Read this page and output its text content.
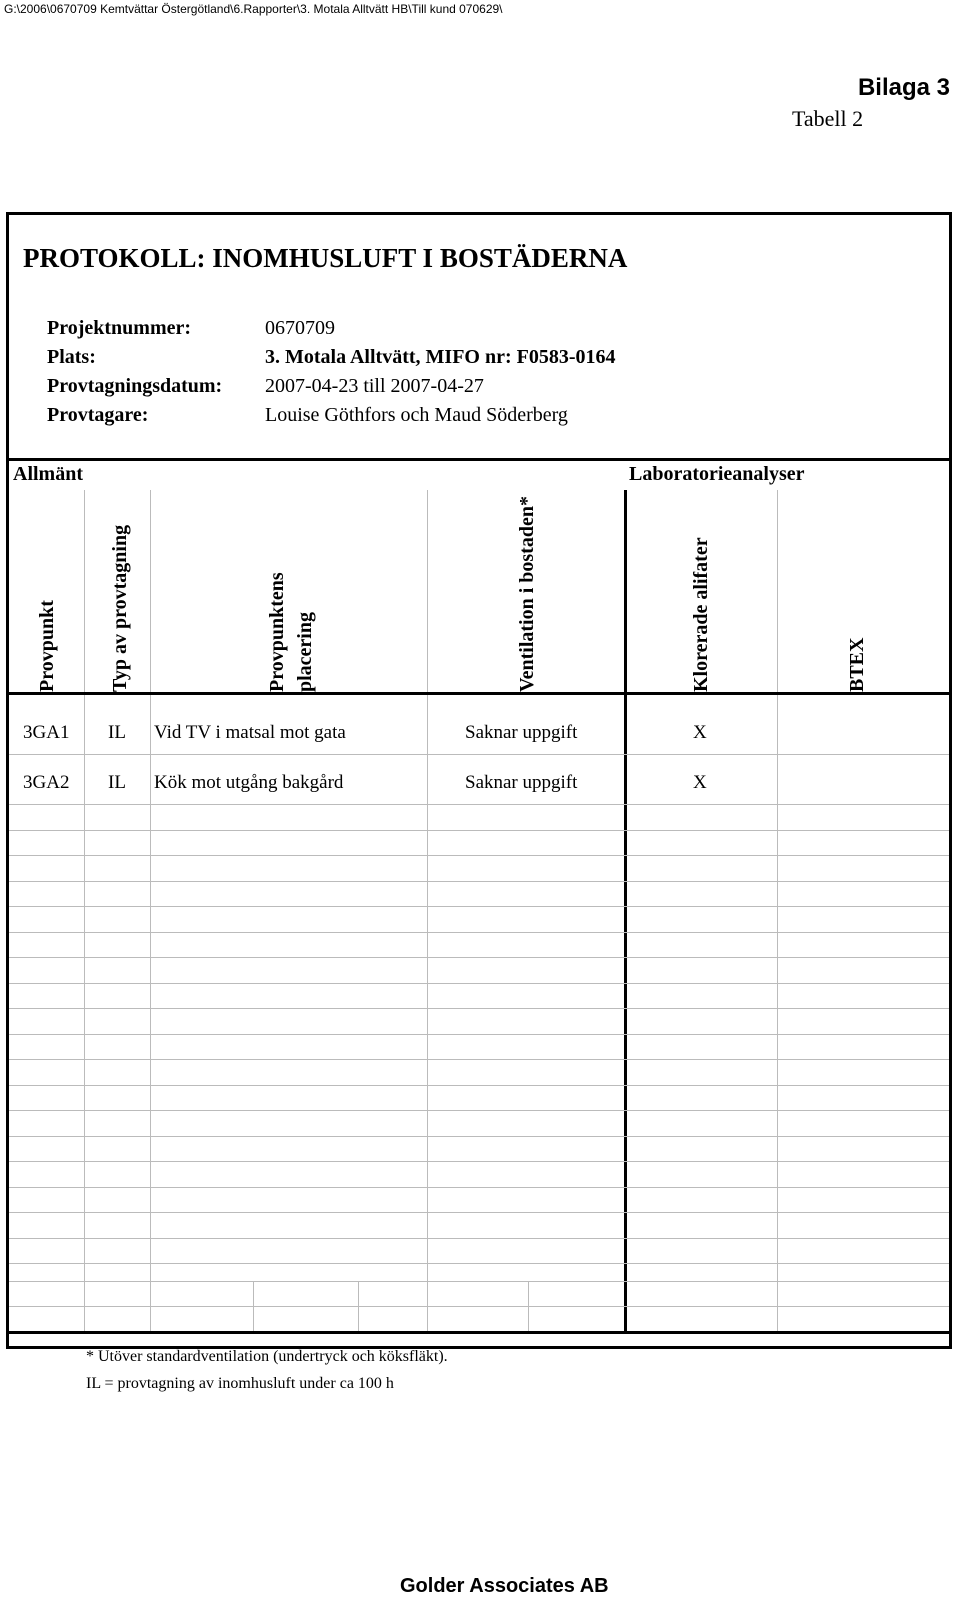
G:\2006\0670709 Kemtvättar Östergötland\6.Rapporter\3. Motala Alltvätt HB\Till kund 070629\
Bilaga 3
Tabell 2
PROTOKOLL: INOMHUSLUFT I BOSTÄDERNA
Projektnummer:	0670709
Plats:	3. Motala Alltvätt, MIFO nr: F0583-0164
Provtagningsdatum: 2007-04-23 till 2007-04-27
Provtagare:	Louise Göthfors och Maud Söderberg
Allmänt	Laboratorieanalyser
Provpunkt	Typ av provtagning	Provpunktens placering	Ventilation i bostaden*	Klorerade alifater	BTEX
3GA1 IL Vid TV i matsal mot gata	Saknar uppgift	X
3GA2 IL Kök mot utgång bakgård	Saknar uppgift	X
* Utöver standardventilation (undertryck och köksfläkt).
IL = provtagning av inomhusluft under ca 100 h
Golder Associates AB
